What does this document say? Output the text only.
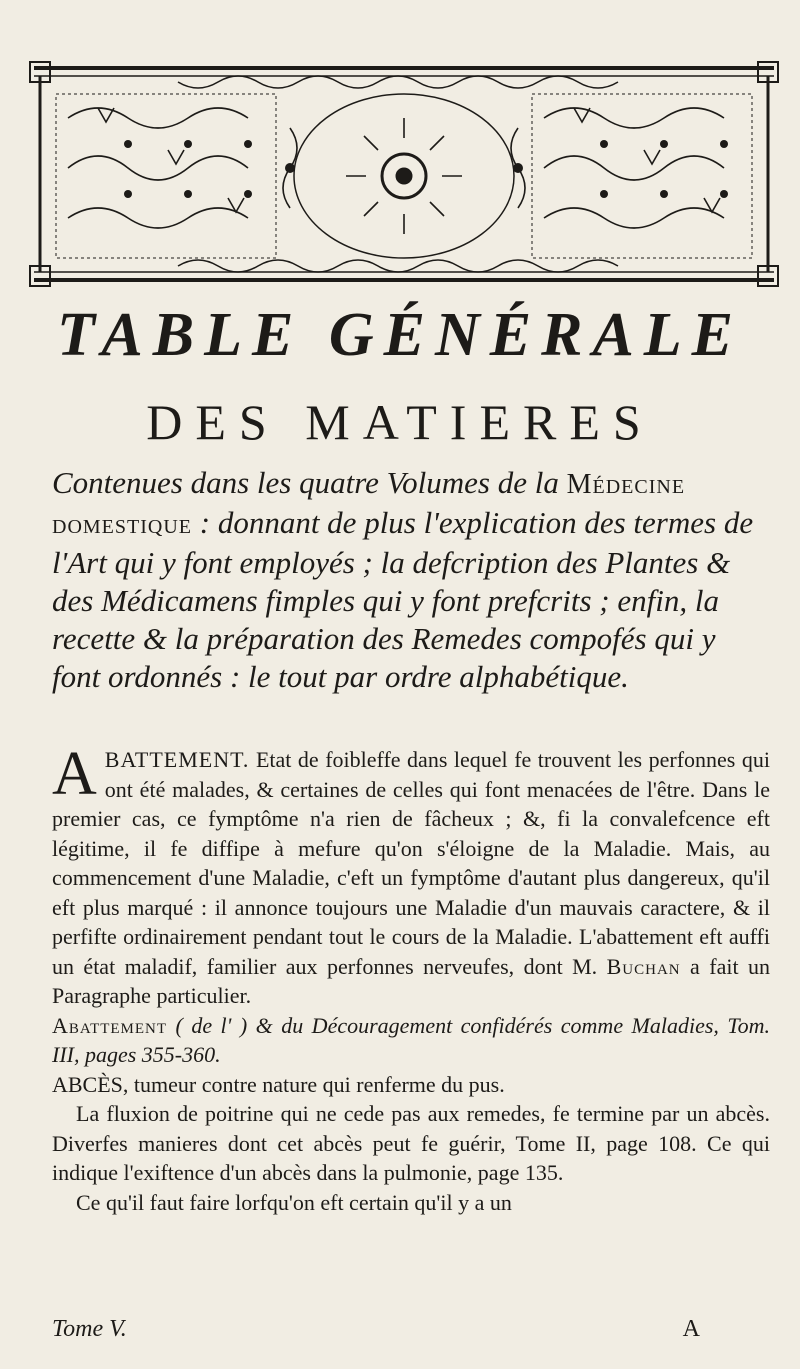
TABLE GÉNÉRALE
DES MATIERES
Contenues dans les quatre Volumes de la Médecine domestique : donnant de plus l'explication des termes de l'Art qui y font employés ; la defcription des Plantes & des Médicamens fimples qui y font prefcrits ; enfin, la recette & la préparation des Remedes compofés qui y font ordonnés : le tout par ordre alphabétique.

ABATTEMENT. Etat de foibleffe dans lequel fe trouvent les perfonnes qui ont été malades, & certaines de celles qui font menacées de l'être. Dans le premier cas, ce fymptôme n'a rien de fâcheux ; &, fi la convalefcence eft légitime, il fe diffipe à mefure qu'on s'éloigne de la Maladie. Mais, au commencement d'une Maladie, c'eft un fymptôme d'autant plus dangereux, qu'il eft plus marqué : il annonce toujours une Maladie d'un mauvais caractere, & il perfifte ordinairement pendant tout le cours de la Maladie. L'abattement eft auffi un état maladif, familier aux perfonnes nerveufes, dont M. Buchan a fait un Paragraphe particulier.

Abattement ( de l' ) & du Découragement confidérés comme Maladies, Tom. III, pages 355-360.

ABCÈS, tumeur contre nature qui renferme du pus.

La fluxion de poitrine qui ne cede pas aux remedes, fe termine par un abcès. Diverfes manieres dont cet abcès peut fe guérir, Tome II, page 108. Ce qui indique l'exiftence d'un abcès dans la pulmonie, page 135.

Ce qu'il faut faire lorfqu'on eft certain qu'il y a un

Tome V.	A
